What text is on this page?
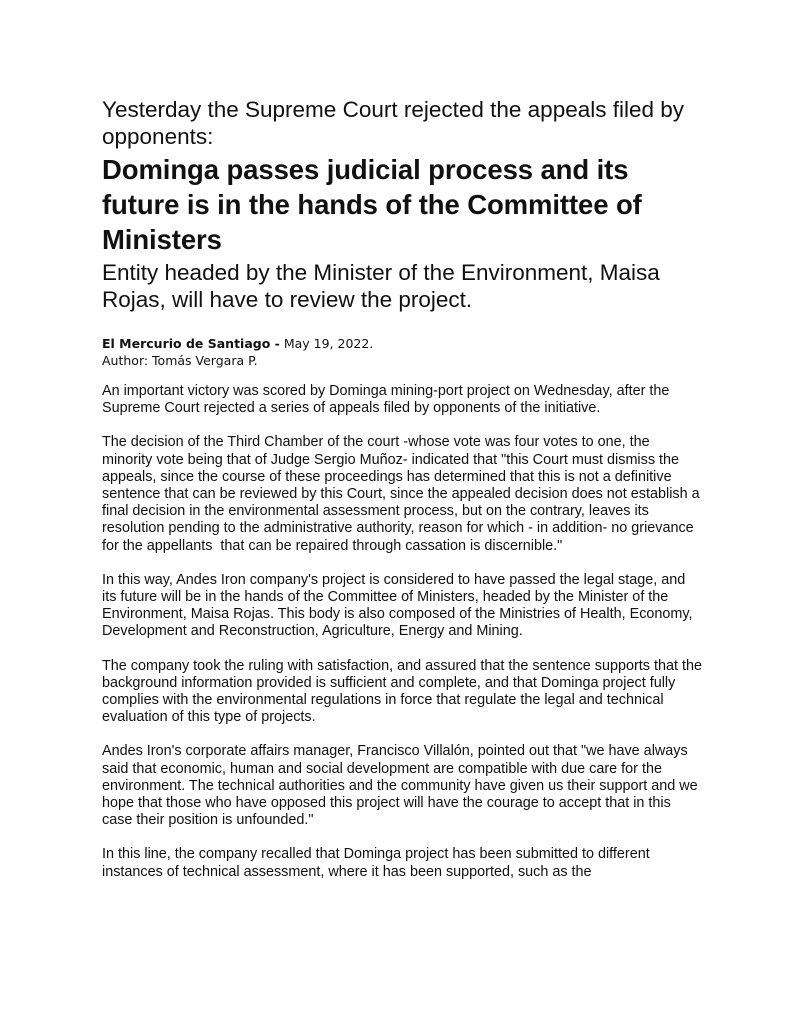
Yesterday the Supreme Court rejected the appeals filed by opponents:

Dominga passes judicial process and its future is in the hands of the Committee of Ministers

Entity headed by the Minister of the Environment, Maisa Rojas, will have to review the project.

El Mercurio de Santiago - May 19, 2022.
Author: Tomás Vergara P.

An important victory was scored by Dominga mining-port project on Wednesday, after the Supreme Court rejected a series of appeals filed by opponents of the initiative.

The decision of the Third Chamber of the court -whose vote was four votes to one, the minority vote being that of Judge Sergio Muñoz- indicated that "this Court must dismiss the appeals, since the course of these proceedings has determined that this is not a definitive sentence that can be reviewed by this Court, since the appealed decision does not establish a final decision in the environmental assessment process, but on the contrary, leaves its resolution pending to the administrative authority, reason for which - in addition- no grievance for the appellants  that can be repaired through cassation is discernible."

In this way, Andes Iron company's project is considered to have passed the legal stage, and its future will be in the hands of the Committee of Ministers, headed by the Minister of the Environment, Maisa Rojas. This body is also composed of the Ministries of Health, Economy, Development and Reconstruction, Agriculture, Energy and Mining.

The company took the ruling with satisfaction, and assured that the sentence supports that the background information provided is sufficient and complete, and that Dominga project fully complies with the environmental regulations in force that regulate the legal and technical evaluation of this type of projects.

Andes Iron's corporate affairs manager, Francisco Villalón, pointed out that "we have always said that economic, human and social development are compatible with due care for the environment. The technical authorities and the community have given us their support and we hope that those who have opposed this project will have the courage to accept that in this case their position is unfounded."

In this line, the company recalled that Dominga project has been submitted to different instances of technical assessment, where it has been supported, such as the
